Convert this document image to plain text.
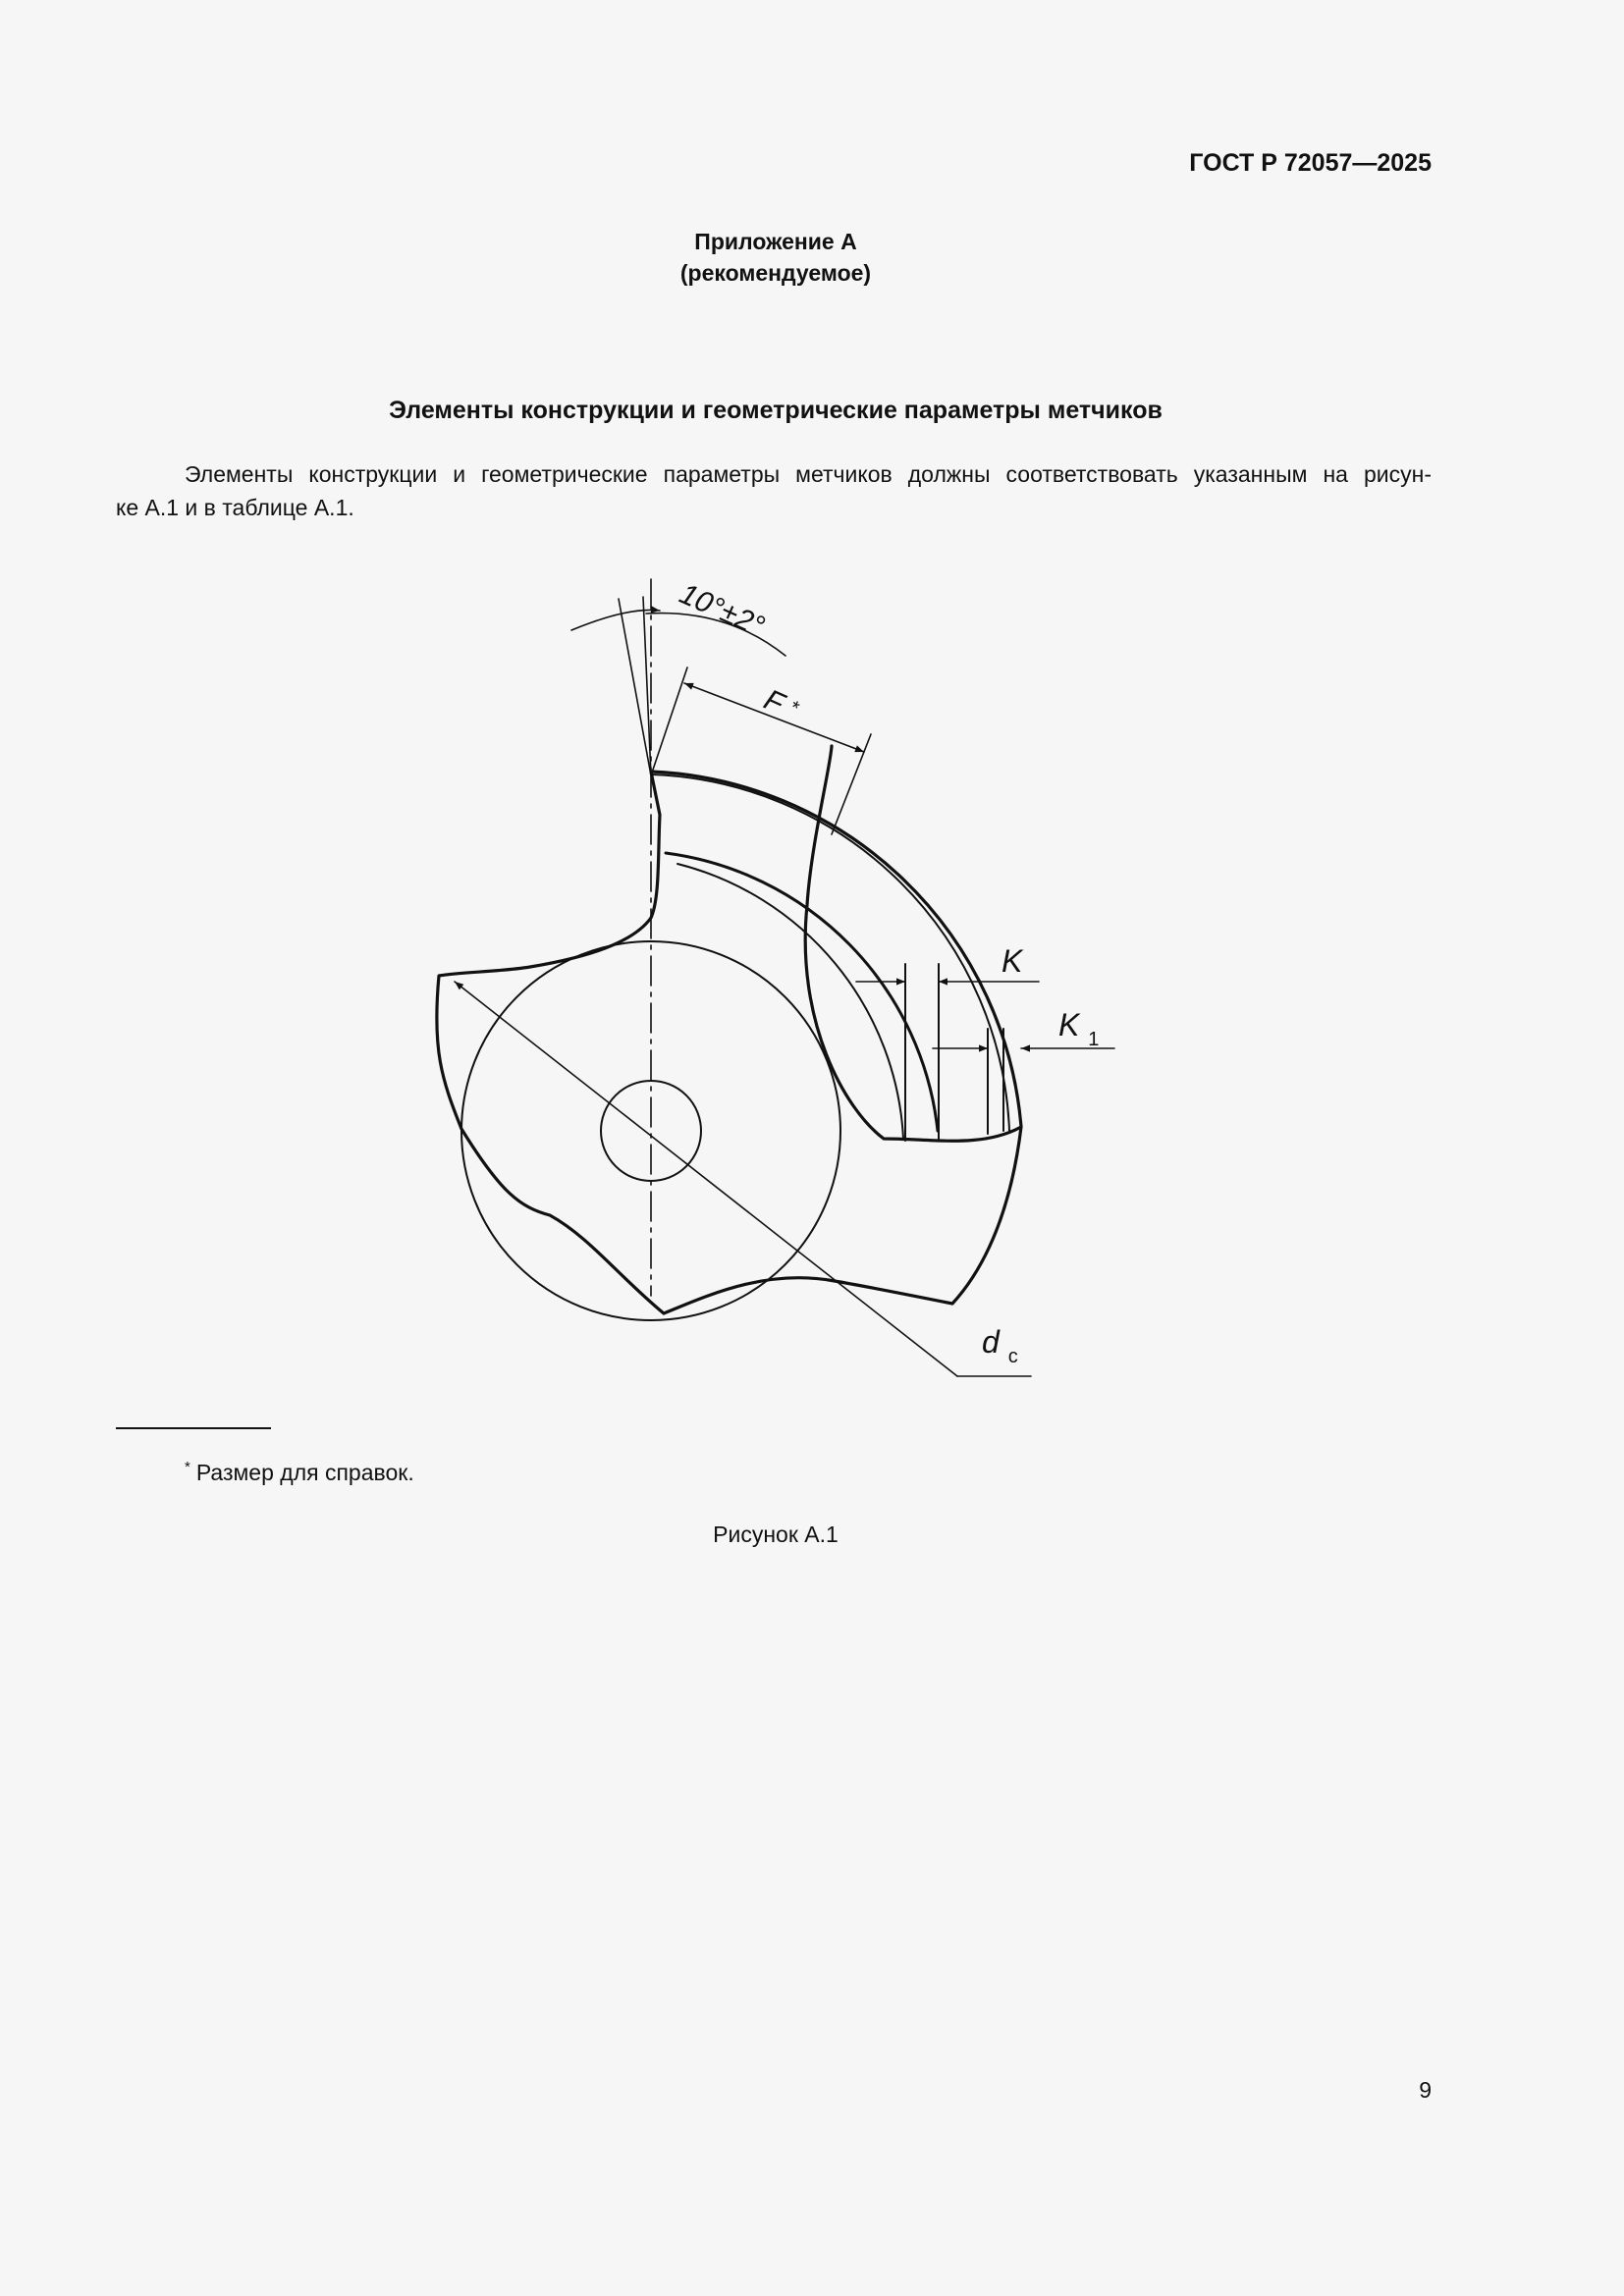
ГОСТ Р 72057—2025
Приложение А
(рекомендуемое)
Элементы конструкции и геометрические параметры метчиков
Элементы конструкции и геометрические параметры метчиков должны соответствовать указанным на рисун-
ке А.1 и в таблице А.1.
10°±2°
F *
K
K $_1$
d $_c$
* Размер для справок.
Рисунок А.1
9
